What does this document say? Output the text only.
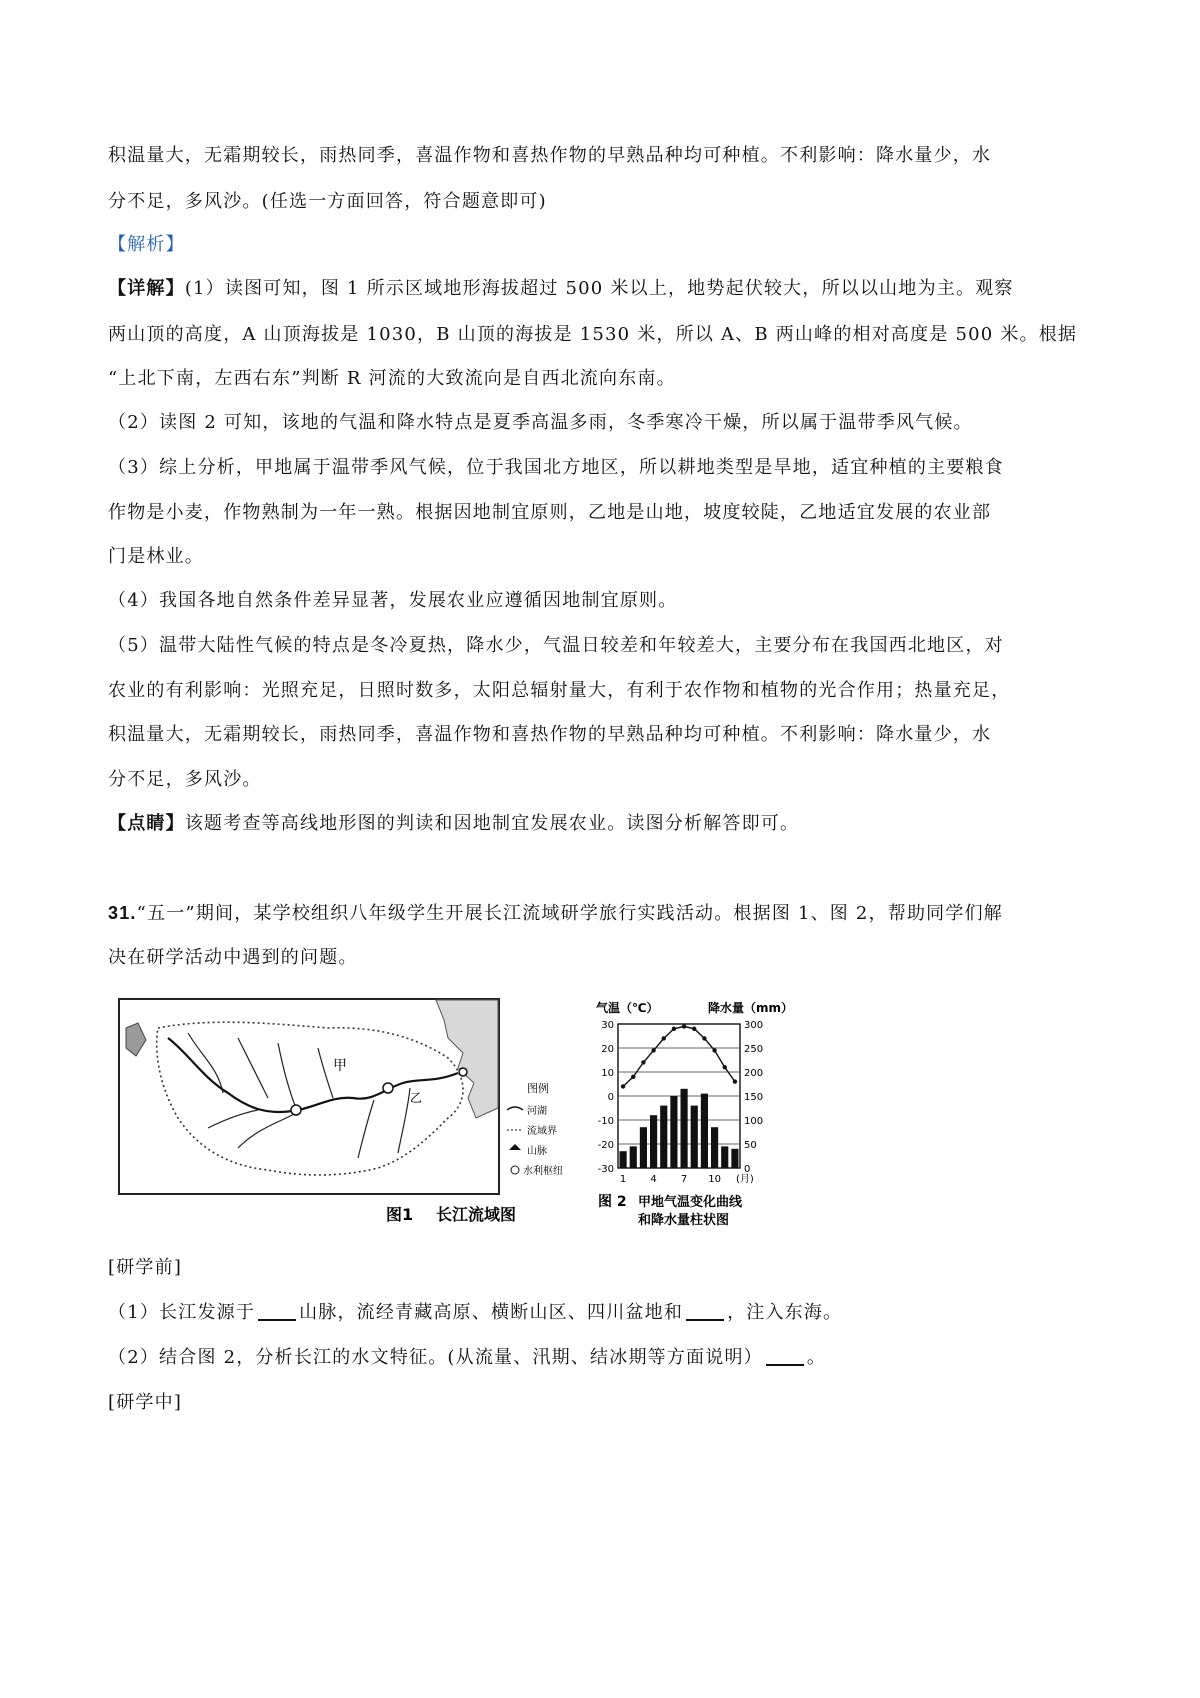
积温量大，无霜期较长，雨热同季，喜温作物和喜热作物的早熟品种均可种植。不利影响：降水量少，水
分不足，多风沙。(任选一方面回答，符合题意即可)
【解析】
【详解】(1）读图可知，图 1 所示区域地形海拔超过 500 米以上，地势起伏较大，所以以山地为主。观察
两山顶的高度，A 山顶海拔是 1030，B 山顶的海拔是 1530 米，所以 A、B 两山峰的相对高度是 500 米。根据
“上北下南，左西右东”判断 R 河流的大致流向是自西北流向东南。
（2）读图 2 可知，该地的气温和降水特点是夏季高温多雨，冬季寒冷干燥，所以属于温带季风气候。
（3）综上分析，甲地属于温带季风气候，位于我国北方地区，所以耕地类型是旱地，适宜种植的主要粮食
作物是小麦，作物熟制为一年一熟。根据因地制宜原则，乙地是山地，坡度较陡，乙地适宜发展的农业部
门是林业。
（4）我国各地自然条件差异显著，发展农业应遵循因地制宜原则。
（5）温带大陆性气候的特点是冬冷夏热，降水少，气温日较差和年较差大，主要分布在我国西北地区，对
农业的有利影响：光照充足，日照时数多，太阳总辐射量大，有利于农作物和植物的光合作用；热量充足，
积温量大，无霜期较长，雨热同季，喜温作物和喜热作物的早熟品种均可种植。不利影响：降水量少，水
分不足，多风沙。
【点睛】该题考查等高线地形图的判读和因地制宜发展农业。读图分析解答即可。
31.“五一”期间，某学校组织八年级学生开展长江流域研学旅行实践活动。根据图 1、图 2，帮助同学们解
决在研学活动中遇到的问题。
甲
乙
图1 长江流域图
图例
河湖
流域界
山脉
水利枢纽
气温（℃）	降水量（mm）
30	300
20	250
10	200
0	150
-10	100
-20	50
-30	0
1 4 7 10 (月)
图 2 甲地气温变化曲线
和降水量柱状图
[研学前]
（1）长江发源于 山脉，流经青藏高原、横断山区、四川盆地和 ，注入东海。
（2）结合图 2，分析长江的水文特征。(从流量、汛期、结冰期等方面说明） 。
[研学中]
